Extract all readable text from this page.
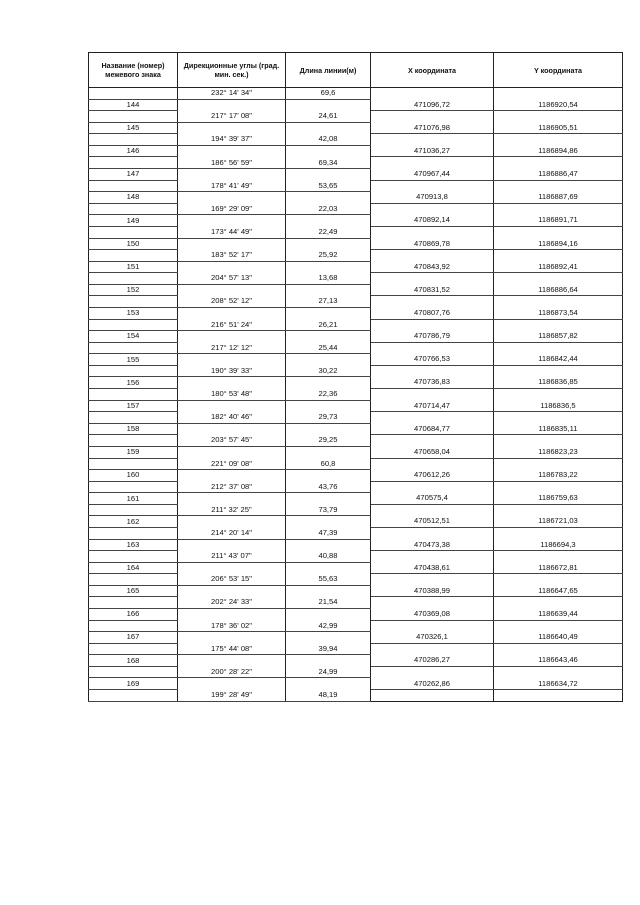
Название (номер) межевого знака	Дирекционные углы (град. мин. сек.)	Длина линии(м)	X координата	Y координата
	232° 14' 34"	69,6		
144			471096,72	1186920,54
	217° 17' 08"	24,61		
145			471076,98	1186905,51
	194° 39' 37"	42,08		
146			471036,27	1186894,86
	186° 56' 59"	69,34		
147			470967,44	1186886,47
	178° 41' 49"	53,65		
148			470913,8	1186887,69
	169° 29' 09"	22,03		
149			470892,14	1186891,71
	173° 44' 49"	22,49		
150			470869,78	1186894,16
	183° 52' 17"	25,92		
151			470843,92	1186892,41
	204° 57' 13"	13,68		
152			470831,52	1186886,64
	208° 52' 12"	27,13		
153			470807,76	1186873,54
	216° 51' 24"	26,21		
154			470786,79	1186857,82
	217° 12' 12"	25,44		
155			470766,53	1186842,44
	190° 39' 33"	30,22		
156			470736,83	1186836,85
	180° 53' 48"	22,36		
157			470714,47	1186836,5
	182° 40' 46"	29,73		
158			470684,77	1186835,11
	203° 57' 45"	29,25		
159			470658,04	1186823,23
	221° 09' 08"	60,8		
160			470612,26	1186783,22
	212° 37' 08"	43,76		
161			470575,4	1186759,63
	211° 32' 25"	73,79		
162			470512,51	1186721,03
	214° 20' 14"	47,39		
163			470473,38	1186694,3
	211° 43' 07"	40,88		
164			470438,61	1186672,81
	206° 53' 15"	55,63		
165			470388,99	1186647,65
	202° 24' 33"	21,54		
166			470369,08	1186639,44
	178° 36' 02"	42,99		
167			470326,1	1186640,49
	175° 44' 08"	39,94		
168			470286,27	1186643,46
	200° 28' 22"	24,99		
169			470262,86	1186634,72
	199° 28' 49"	48,19		
